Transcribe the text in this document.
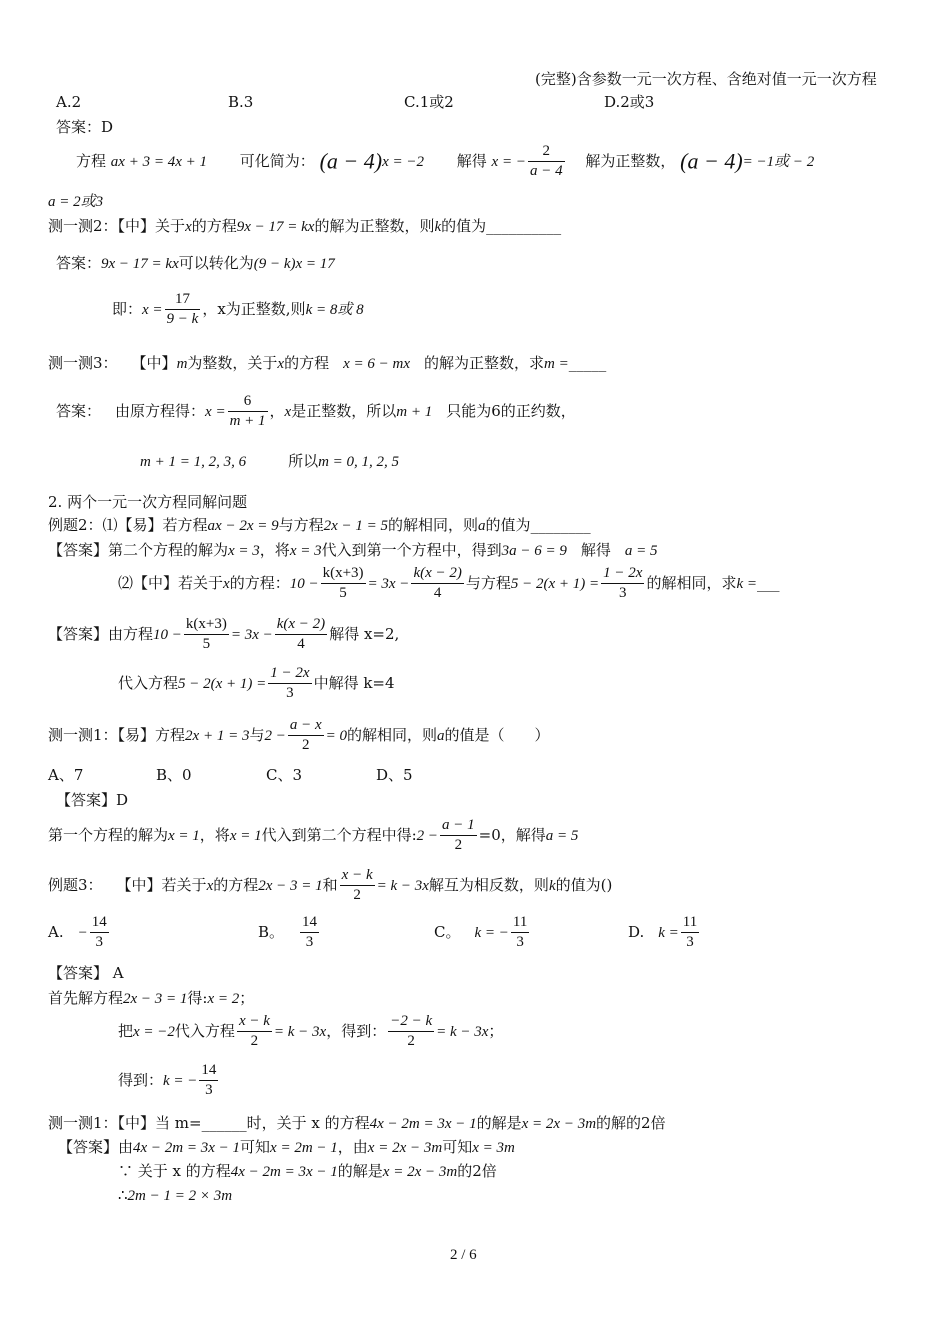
(完整)含参数一元一次方程、含绝对值一元一次方程
A.2	B.3	C.1或2	D.2或3
答案：D
方程 ax + 3 = 4x + 1 可化简为： (a − 4)x = −2 解得 x = − $\frac{2}{a - 4}$ 解为正整数， (a − 4)= −1或 − 2
a = 2或3
测一测2：【中】关于x的方程9x − 17 = kx的解为正整数，则k的值为__________
答案：9x − 17 = kx可以转化为(9 − k)x = 17
即：$x = \frac{17}{9 - k}$ ，x为正整数,则k = 8或 8
测一测3： 【中】m为整数，关于x的方程 x = 6 − mx 的解为正整数，求m =_____
答案： 由原方程得：$x = \frac{6}{m + 1}$ ，x是正整数，所以m + 1 只能为6的正约数，
m + 1 = 1, 2, 3, 6	所以m = 0, 1, 2, 5
2. 两个一元一次方程同解问题
例题2：⑴【易】若方程ax − 2x = 9与方程2x − 1 = 5的解相同，则a的值为________
【答案】第二个方程的解为x = 3，将x = 3代入到第一个方程中，得到3a − 6 = 9 解得 a = 5
⑵【中】若关于x的方程：$10 - \frac{k(x+3)}{5} = 3x - \frac{k(x - 2)}{4}$ 与方程$5 - 2(x + 1) = \frac{1 - 2x}{3}$ 的解相同，求k =___
【答案】由方程$10 - \frac{k(x+3)}{5} = 3x - \frac{k(x - 2)}{4}$ 解得 x=2,
代入方程$5 - 2(x + 1) = \frac{1 - 2x}{3}$ 中解得 k=4
测一测1：【易】方程2x + 1 = 3与$2 - \frac{a - x}{2} = 0$的解相同，则a的值是（　　）
A、7	B、0	C、3	D、5
【答案】D
第一个方程的解为x = 1，将x = 1代入到第二个方程中得:2 − $\frac{a - 1}{2} =0$，解得a = 5
例题3： 【中】若关于x的方程2x − 3 = 1和 $\frac{x - k}{2} = k - 3x$解互为相反数，则k的值为()
A. − $\frac{14}{3}$	B。 $\frac{14}{3}$	C。 k = − $\frac{11}{3}$	D. $k = \frac{11}{3}$
【答案】 A
首先解方程2x − 3 = 1得:x = 2；
把x = −2代入方程 $\frac{x - k}{2} = k - 3x$，得到： $\frac{-2 - k}{2} = k - 3x$；
得到：k = − $\frac{14}{3}$
测一测1：【中】当 m=______时，关于 x 的方程4x − 2m = 3x − 1的解是x = 2x − 3m的解的2倍
【答案】由4x − 2m = 3x − 1可知x = 2m − 1，由x = 2x − 3m可知x = 3m
∵ 关于 x 的方程4x − 2m = 3x − 1的解是x = 2x − 3m的2倍
∴2m − 1 = 2 × 3m
2 / 6
